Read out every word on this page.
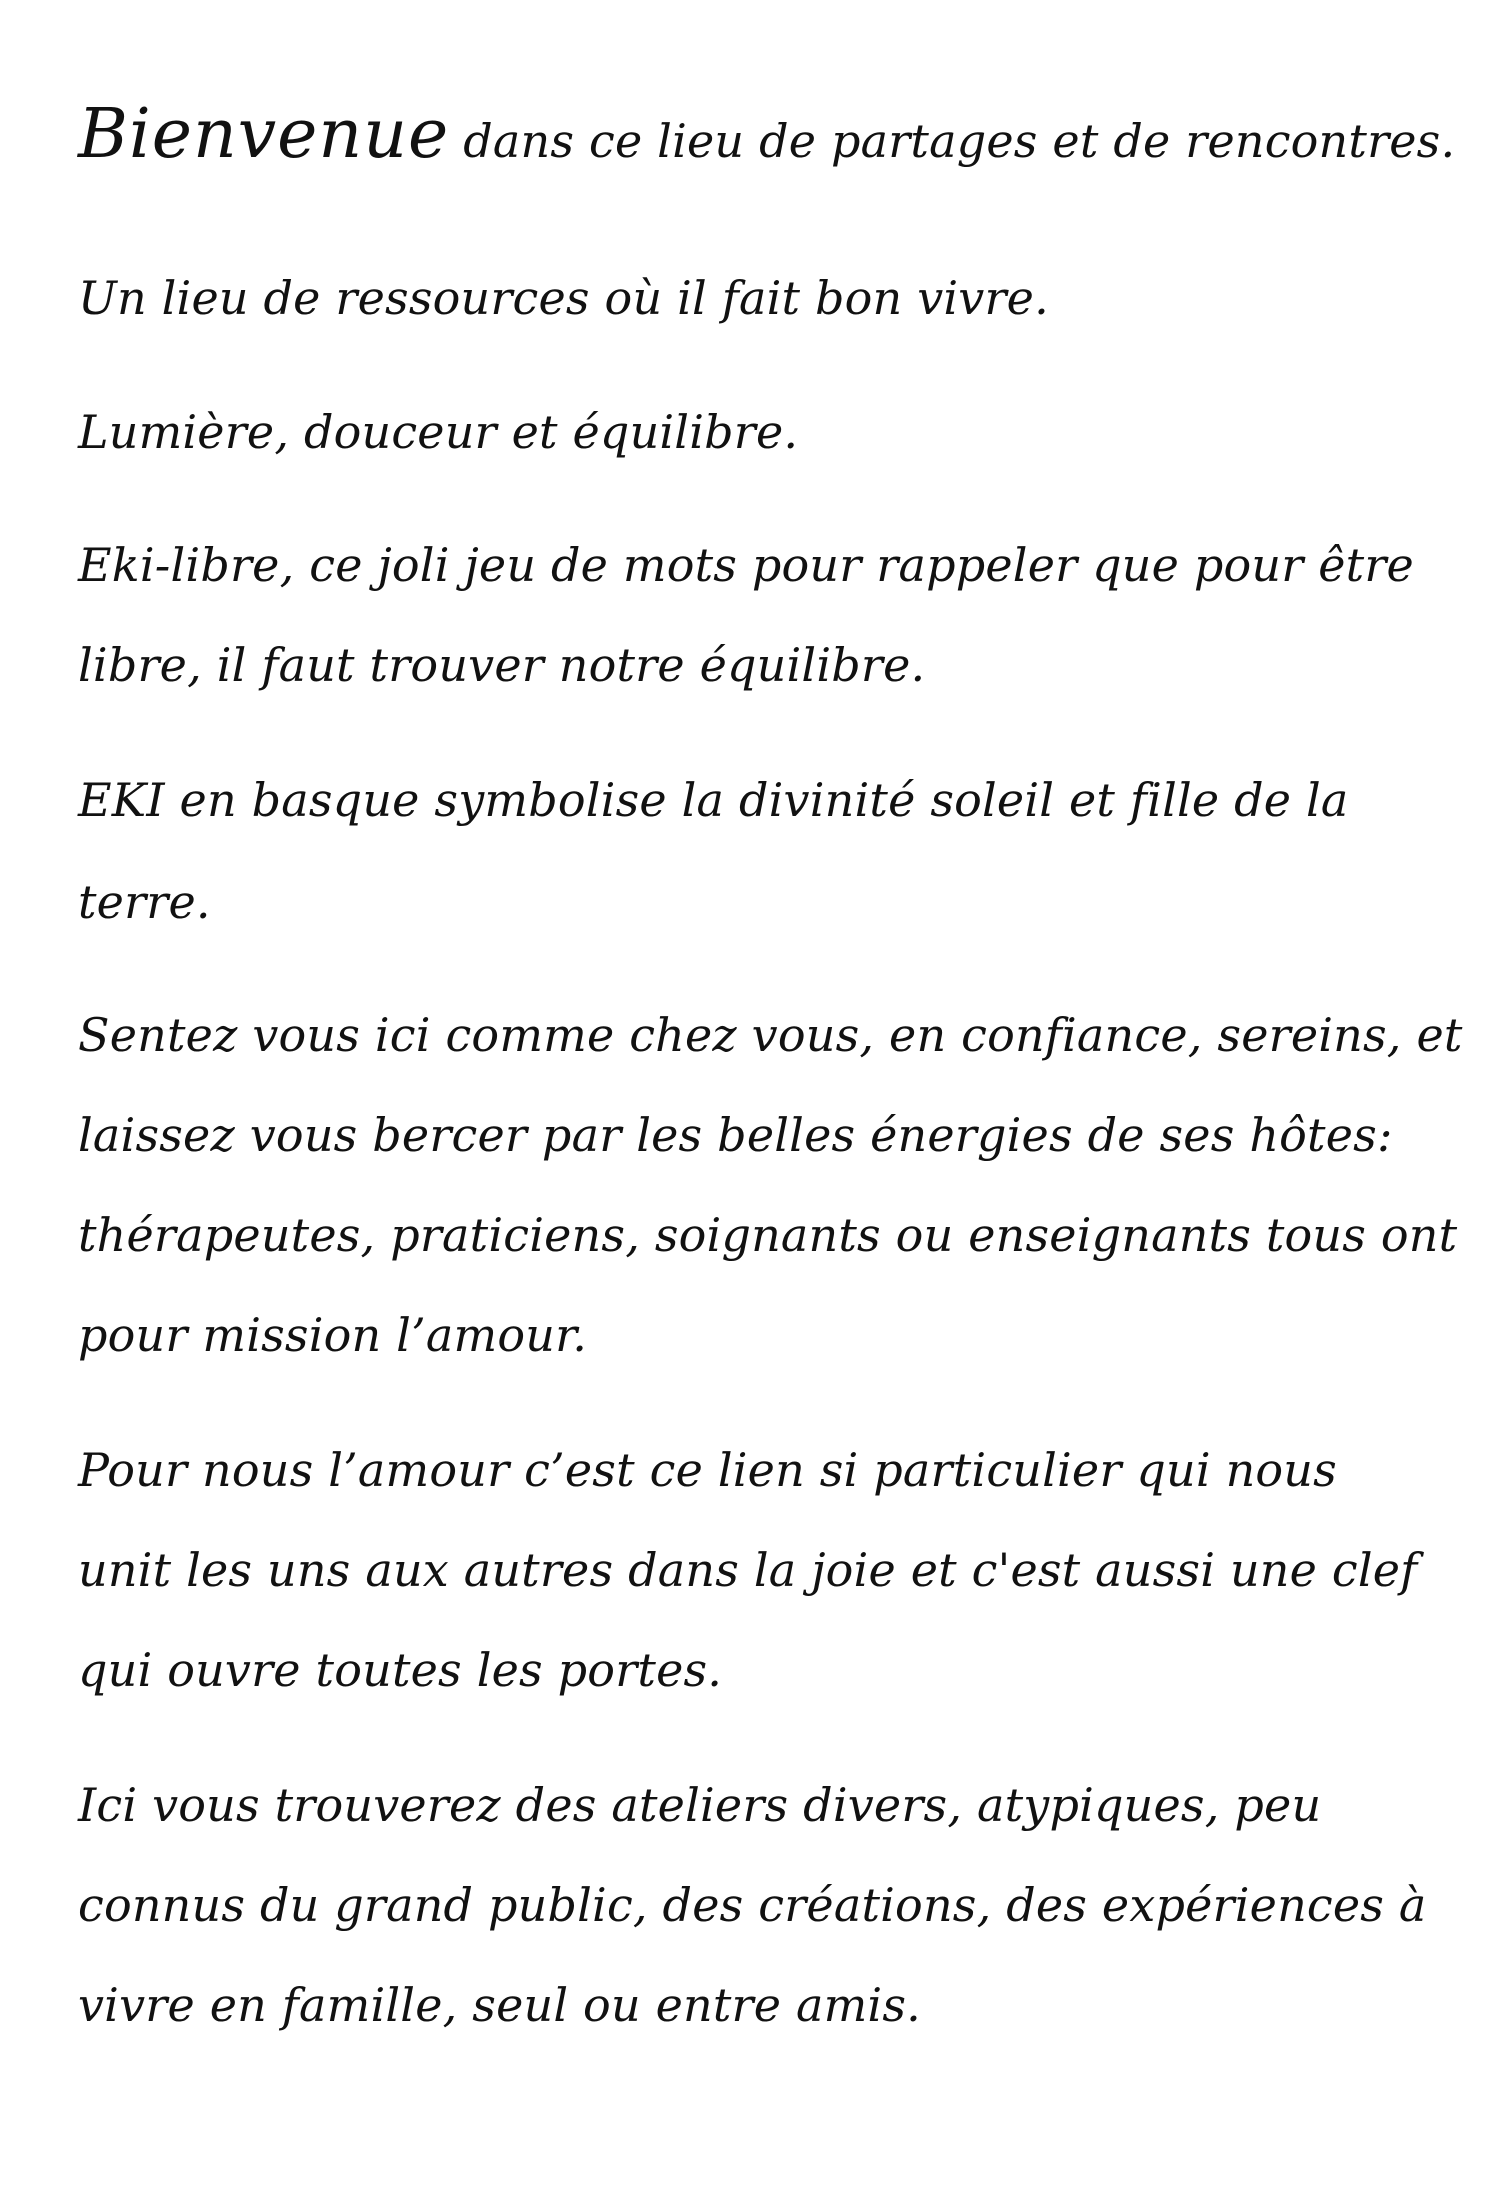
Bienvenue dans ce lieu de partages et de rencontres.
Un lieu de ressources où il fait bon vivre.
Lumière, douceur et équilibre.
Eki-libre, ce joli jeu de mots pour rappeler que pour être
libre, il faut trouver notre équilibre.
EKI en basque symbolise la divinité soleil et fille de la
terre.
Sentez vous ici comme chez vous, en confiance, sereins, et
laissez vous bercer par les belles énergies de ses hôtes:
thérapeutes, praticiens, soignants ou enseignants tous ont
pour mission l’amour.
Pour nous l’amour c’est ce lien si particulier qui nous
unit les uns aux autres dans la joie et c'est aussi une clef
qui ouvre toutes les portes.
Ici vous trouverez des ateliers divers, atypiques, peu
connus du grand public, des créations, des expériences à
vivre en famille, seul ou entre amis.
